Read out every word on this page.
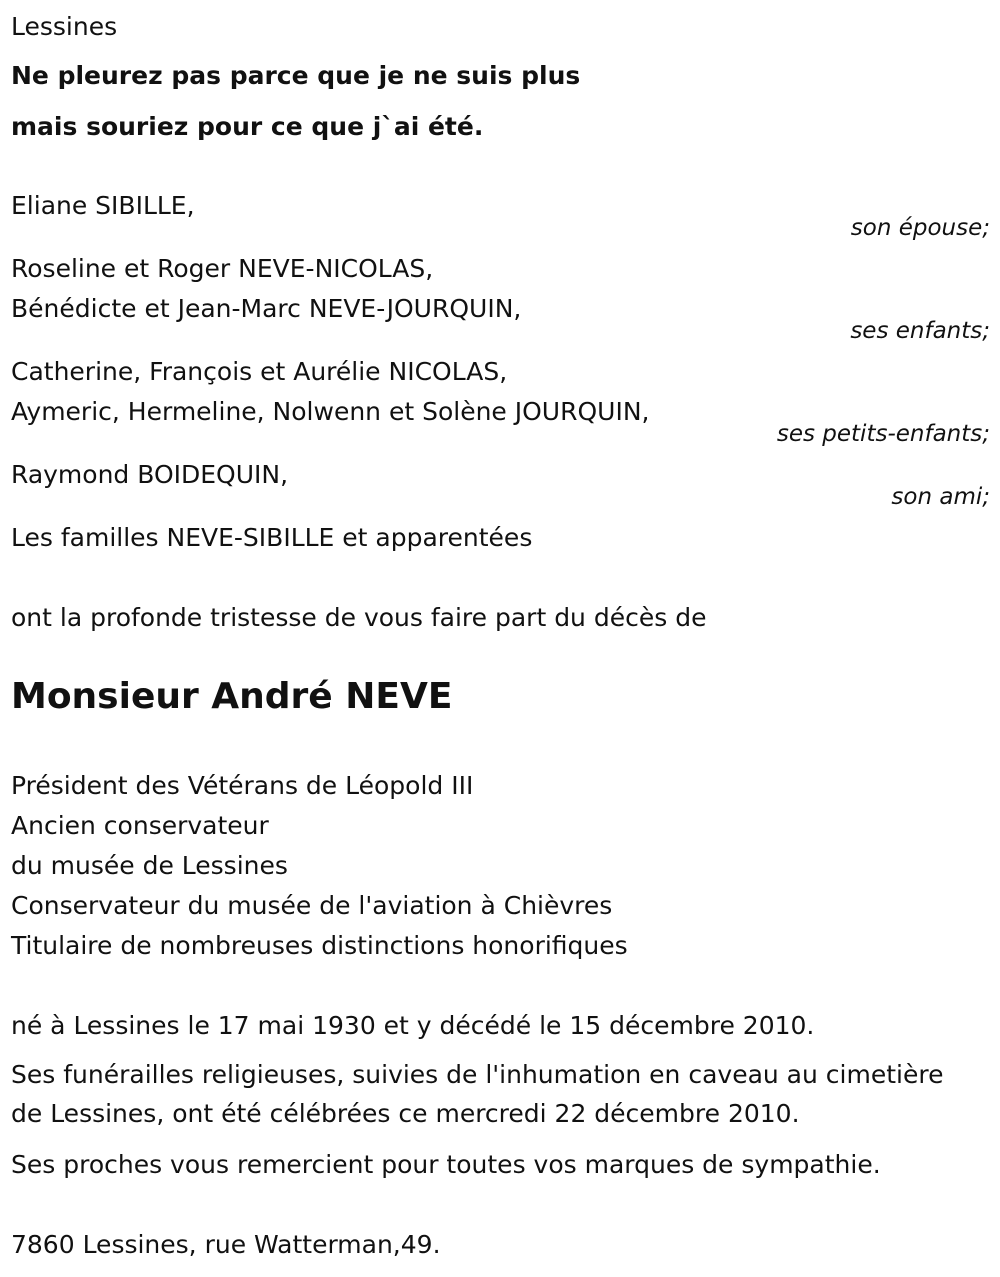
Lessines
Ne pleurez pas parce que je ne suis plus
mais souriez pour ce que j`ai été.
Eliane SIBILLE,
son épouse;
Roseline et Roger NEVE-NICOLAS,
Bénédicte et Jean-Marc NEVE-JOURQUIN,
ses enfants;
Catherine, François et Aurélie NICOLAS,
Aymeric, Hermeline, Nolwenn et Solène JOURQUIN,
ses petits-enfants;
Raymond BOIDEQUIN,
son ami;
Les familles NEVE-SIBILLE et apparentées
ont la profonde tristesse de vous faire part du décès de
Monsieur André NEVE
Président des Vétérans de Léopold III
Ancien conservateur
du musée de Lessines
Conservateur du musée de l'aviation à Chièvres
Titulaire de nombreuses distinctions honorifiques
né à Lessines le 17 mai 1930 et y décédé le 15 décembre 2010.
Ses funérailles religieuses, suivies de l'inhumation en caveau au cimetière
de Lessines, ont été célébrées ce mercredi 22 décembre 2010.
Ses proches vous remercient pour toutes vos marques de sympathie.
7860 Lessines, rue Watterman,49.
